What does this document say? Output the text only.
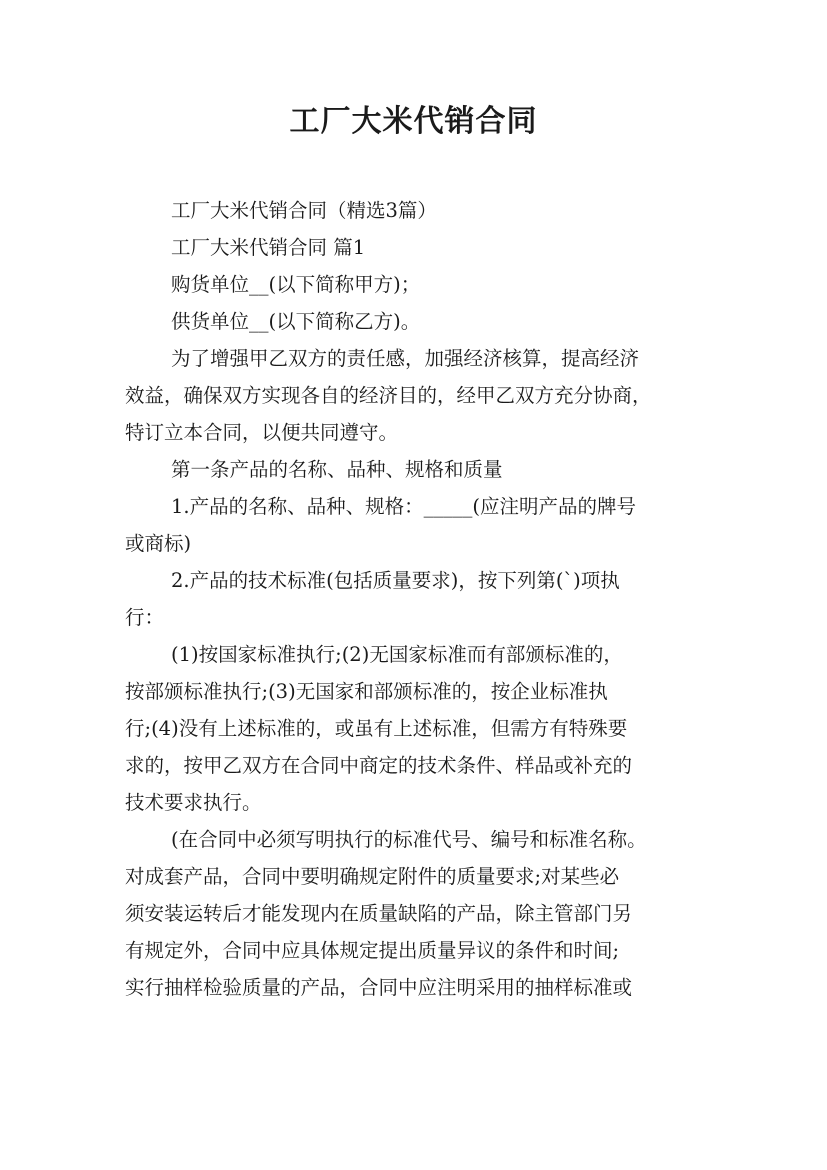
工厂大米代销合同
工厂大米代销合同（精选3篇）
工厂大米代销合同 篇1
购货单位__(以下简称甲方)；
供货单位__(以下简称乙方)。
为了增强甲乙双方的责任感，加强经济核算，提高经济
效益，确保双方实现各自的经济目的，经甲乙双方充分协商，
特订立本合同，以便共同遵守。
第一条产品的名称、品种、规格和质量
1.产品的名称、品种、规格：_____(应注明产品的牌号
或商标)
2.产品的技术标准(包括质量要求)，按下列第(`)项执
行：
(1)按国家标准执行;(2)无国家标准而有部颁标准的，
按部颁标准执行;(3)无国家和部颁标准的，按企业标准执
行;(4)没有上述标准的，或虽有上述标准，但需方有特殊要
求的，按甲乙双方在合同中商定的技术条件、样品或补充的
技术要求执行。
(在合同中必须写明执行的标准代号、编号和标准名称。
对成套产品，合同中要明确规定附件的质量要求;对某些必
须安装运转后才能发现内在质量缺陷的产品，除主管部门另
有规定外，合同中应具体规定提出质量异议的条件和时间;
实行抽样检验质量的产品，合同中应注明采用的抽样标准或
